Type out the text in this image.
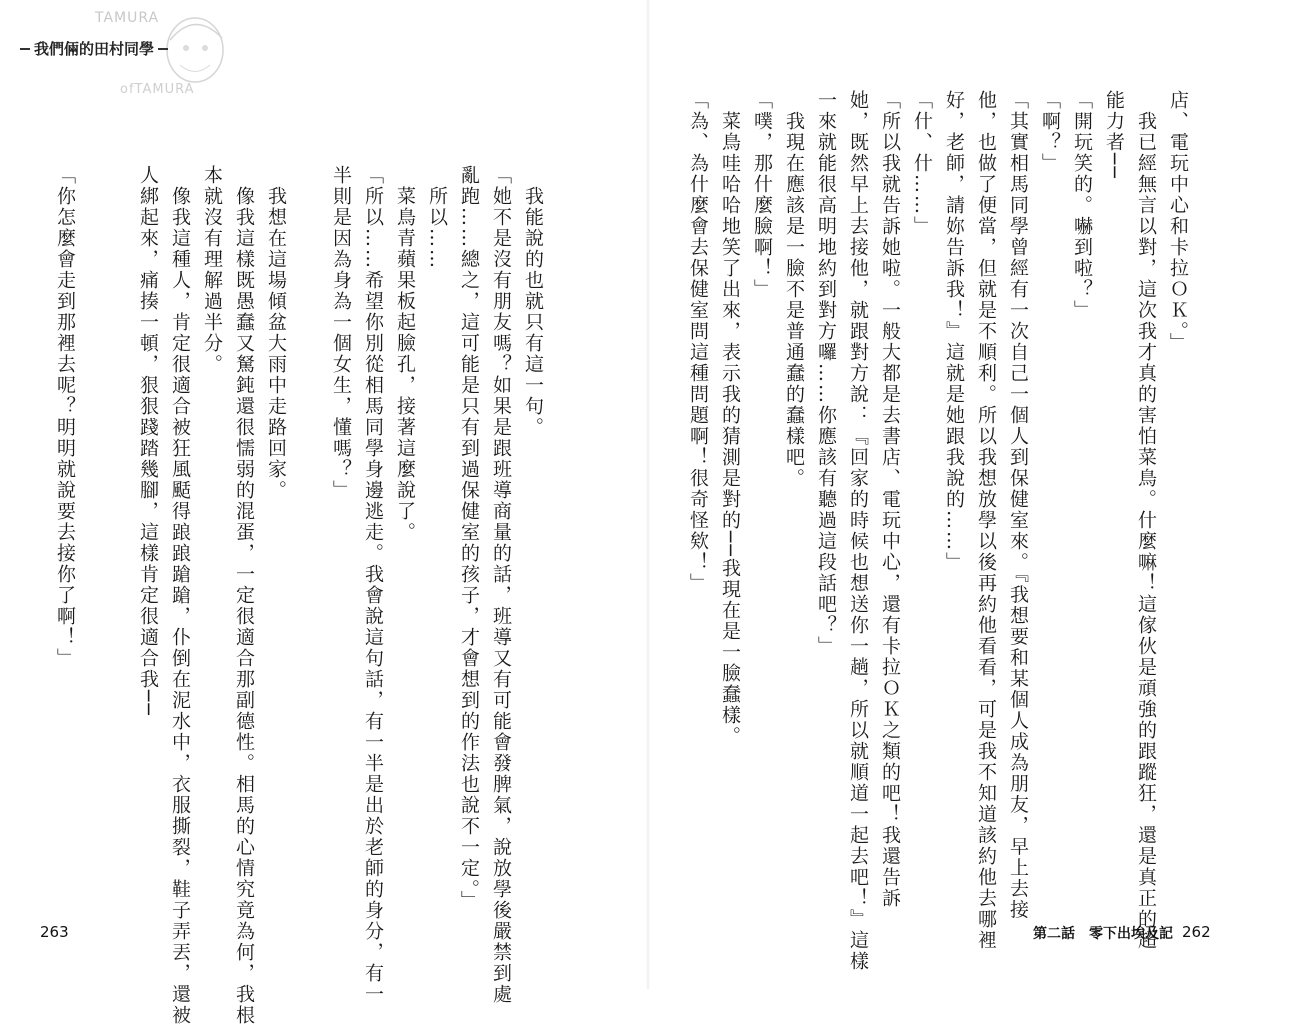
TAMURA
ofTAMURA
我們倆的田村同學
店、電玩中心和卡拉ＯＫ。」
　我已經無言以對，這次我才真的害怕菜鳥。什麼嘛！這傢伙是頑強的跟蹤狂，還是真正的超
能力者──
「開玩笑的。嚇到啦？」
「啊？」
「其實相馬同學曾經有一次自己一個人到保健室來。『我想要和某個人成為朋友，早上去接
他，也做了便當，但就是不順利。所以我想放學以後再約他看看，可是我不知道該約他去哪裡
好，老師，請妳告訴我！』這就是她跟我說的……」
「什、什……」
「所以我就告訴她啦。一般大都是去書店、電玩中心，還有卡拉ＯＫ之類的吧！我還告訴
她，既然早上去接他，就跟對方說：『回家的時候也想送你一趟，所以就順道一起去吧！』這樣
一來就能很高明地約到對方囉……你應該有聽過這段話吧？」
　我現在應該是一臉不是普通蠢的蠢樣吧。
「噗，那什麼臉啊！」
　菜鳥哇哈哈地笑了出來，表示我的猜測是對的──我現在是一臉蠢樣。
「為、為什麼會去保健室問這種問題啊！很奇怪欸！」
　我能說的也就只有這一句。
「她不是沒有朋友嗎？如果是跟班導商量的話，班導又有可能會發脾氣，說放學後嚴禁到處
亂跑……總之，這可能是只有到過保健室的孩子，才會想到的作法也說不一定。」
　所以……
　菜鳥青蘋果板起臉孔，接著這麼說了。
「所以……希望你別從相馬同學身邊逃走。我會說這句話，有一半是出於老師的身分，有一
半則是因為身為一個女生，懂嗎？」
　我想在這場傾盆大雨中走路回家。
　像我這樣既愚蠢又駑鈍還很懦弱的混蛋，一定很適合那副德性。相馬的心情究竟為何，我根
本就沒有理解過半分。
　像我這種人，肯定很適合被狂風颳得踉踉蹌蹌，仆倒在泥水中，衣服撕裂，鞋子弄丟，還被
人綁起來，痛揍一頓，狠狠踐踏幾腳，這樣肯定很適合我──
「你怎麼會走到那裡去呢？明明就說要去接你了啊！」
263	第二話　零下出埃及記 262
